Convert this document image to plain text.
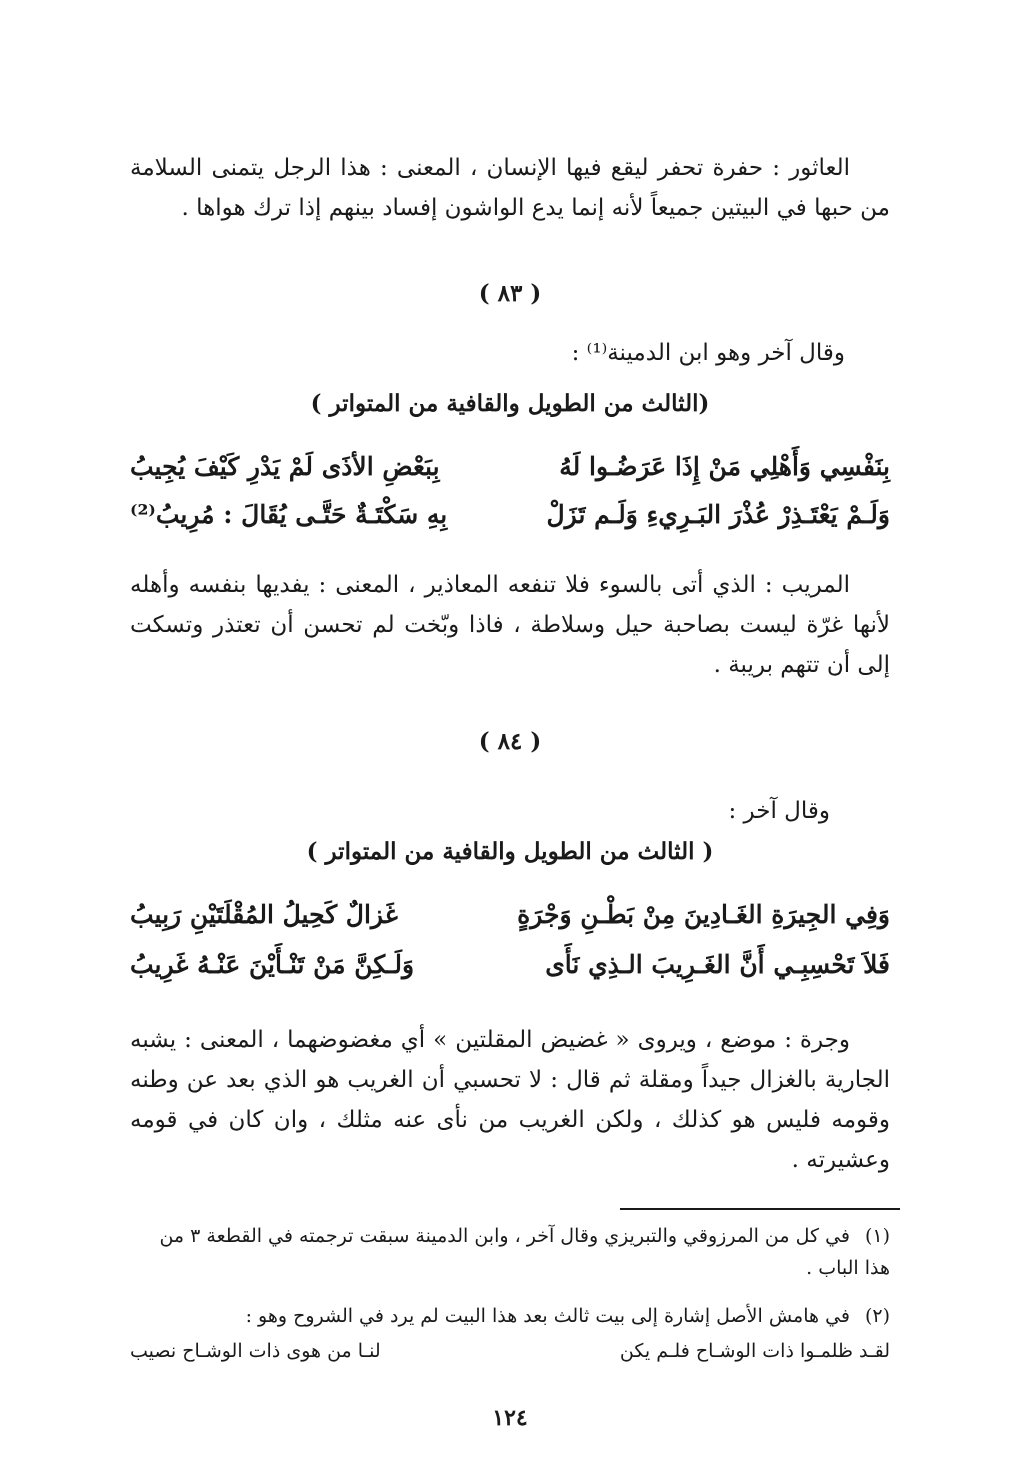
العاثور : حفرة تحفر ليقع فيها الإنسان ، المعنى : هذا الرجل يتمنى السلامة من حبها في البيتين جميعاً لأنه إنما يدع الواشون إفساد بينهم إذا ترك هواها .
( ٨٣ )
وقال آخر وهو ابن الدمينة⁽¹⁾ :
(الثالث من الطويل والقافية من المتواتر )
بِنَفْسِي وَأَهْلِي مَنْ إِذَا عَرَضُـوا لَهُ
بِبَعْضِ الأذَى لَمْ يَدْرِ كَيْفَ يُجِيبُ
وَلَـمْ يَعْتَـذِرْ عُذْرَ البَـرِيءِ وَلَـم تَزَلْ
بِهِ سَكْتَـةٌ حَتَّـى يُقَالَ : مُرِيبُ⁽²⁾
المريب : الذي أتى بالسوء فلا تنفعه المعاذير ، المعنى : يفديها بنفسه وأهله لأنها غرّة ليست بصاحبة حيل وسلاطة ، فاذا وبّخت لم تحسن أن تعتذر وتسكت إلى أن تتهم بريبة .
( ٨٤ )
وقال آخر :
( الثالث من الطويل والقافية من المتواتر )
وَفِي الجِيرَةِ الغَـادِينَ مِنْ بَطْـنِ وَجْرَةٍ
غَزالٌ كَحِيلُ المُقْلَتَيْنِ رَبِيبُ
فَلاَ تَحْسِبِـي أَنَّ الغَـرِيبَ الـذِي نَأَى
وَلَـكِنَّ مَنْ تَنْـأَيْنَ عَنْـهُ غَرِيبُ
وجرة : موضع ، ويروى « غضيض المقلتين » أي مغضوضهما ، المعنى : يشبه الجارية بالغزال جيداً ومقلة ثم قال : لا تحسبي أن الغريب هو الذي بعد عن وطنه وقومه فليس هو كذلك ، ولكن الغريب من نأى عنه مثلك ، وان كان في قومه وعشيرته .
(١)في كل من المرزوقي والتبريزي وقال آخر ، وابن الدمينة سبقت ترجمته في القطعة ٣ من هذا الباب .
(٢)في هامش الأصل إشارة إلى بيت ثالث بعد هذا البيت لم يرد في الشروح وهو :
لقـد ظلمـوا ذات الوشـاح فلـم يكن
لنـا من هوى ذات الوشـاح نصيب
١٢٤
